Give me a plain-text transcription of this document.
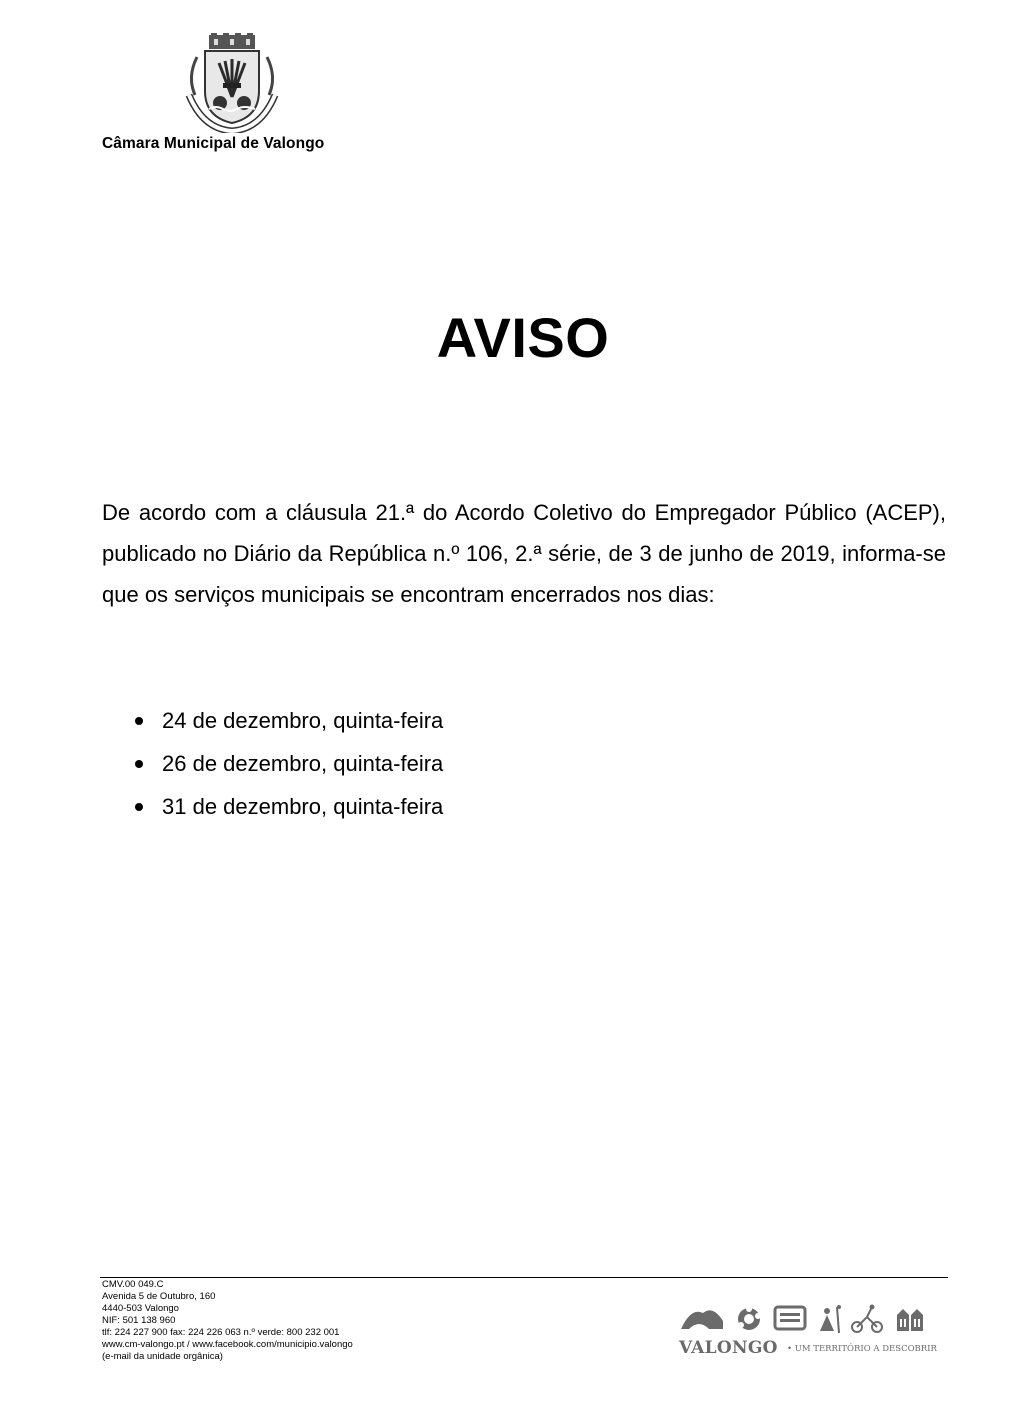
Câmara Municipal de Valongo
AVISO

De acordo com a cláusula 21.ª do Acordo Coletivo do Empregador Público (ACEP), publicado no Diário da República n.º 106, 2.ª série, de 3 de junho de 2019, informa-se que os serviços municipais se encontram encerrados nos dias:

24 de dezembro, quinta-feira
26 de dezembro, quinta-feira
31 de dezembro, quinta-feira
CMV.00 049.C
Avenida 5 de Outubro, 160
4440-503 Valongo
NIF: 501 138 960
tlf: 224 227 900 fax: 224 226 063 n.º verde: 800 232 001
www.cm-valongo.pt / www.facebook.com/municipio.valongo
(e-mail da unidade orgânica)	VALONGO • UM TERRITÓRIO A DESCOBRIR
